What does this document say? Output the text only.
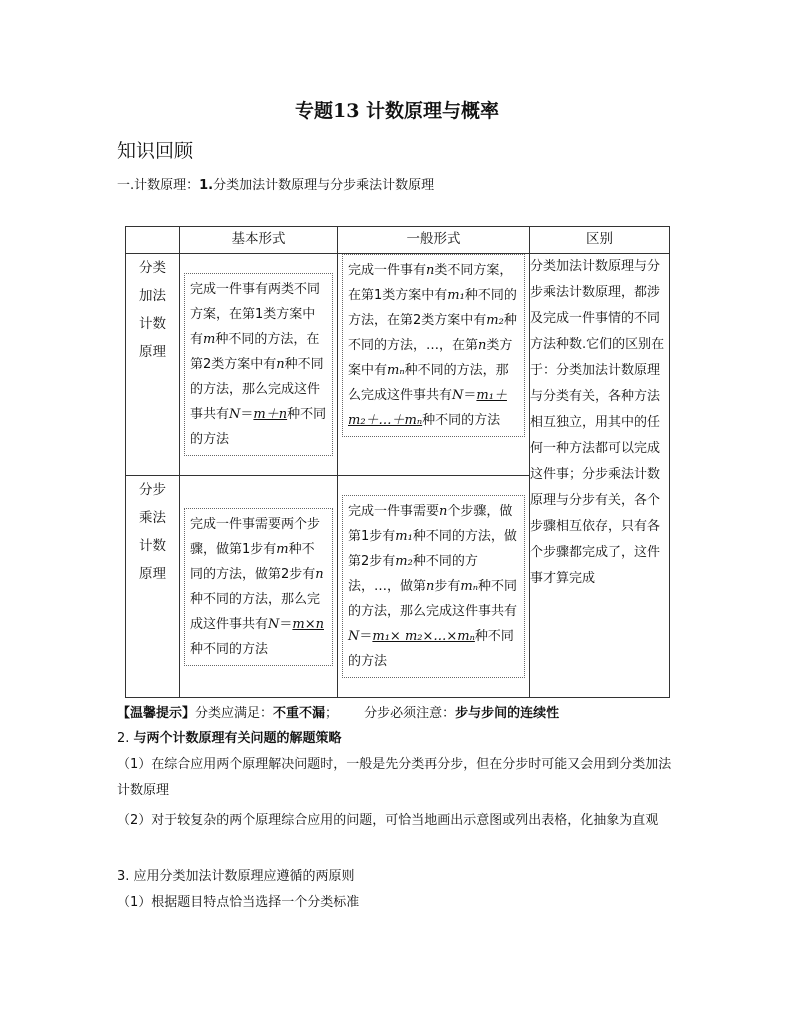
专题13 计数原理与概率
知识回顾
一.计数原理：1.分类加法计数原理与分步乘法计数原理
	基本形式	一般形式	区别

分类
加法
计数
原理	完成一件事有两类不同方案，在第1类方案中有m种不同的方法，在第2类方案中有n种不同的方法，那么完成这件事共有N＝m＋n种不同的方法	完成一件事有n类不同方案，在第1类方案中有m₁种不同的方法，在第2类方案中有m₂种不同的方法，…，在第n类方案中有mₙ种不同的方法，那么完成这件事共有N＝m₁＋m₂＋…＋mₙ种不同的方法	分类加法计数原理与分步乘法计数原理，都涉及完成一件事情的不同方法种数.它们的区别在于：分类加法计数原理与分类有关，各种方法相互独立，用其中的任何一种方法都可以完成这件事；分步乘法计数原理与分步有关，各个步骤相互依存，只有各个步骤都完成了，这件事才算完成

分步
乘法
计数
原理	完成一件事需要两个步骤，做第1步有m种不同的方法，做第2步有n种不同的方法，那么完成这件事共有N＝m×n种不同的方法	完成一件事需要n个步骤，做第1步有m₁种不同的方法，做第2步有m₂种不同的方法，…，做第n步有mₙ种不同的方法，那么完成这件事共有N＝m₁× m₂×…×mₙ种不同的方法	
【温馨提示】分类应满足：不重不漏； 分步必须注意：步与步间的连续性

2. 与两个计数原理有关问题的解题策略

（1）在综合应用两个原理解决问题时，一般是先分类再分步，但在分步时可能又会用到分类加法计数原理

（2）对于较复杂的两个原理综合应用的问题，可恰当地画出示意图或列出表格，化抽象为直观

3. 应用分类加法计数原理应遵循的两原则

（1）根据题目特点恰当选择一个分类标准
